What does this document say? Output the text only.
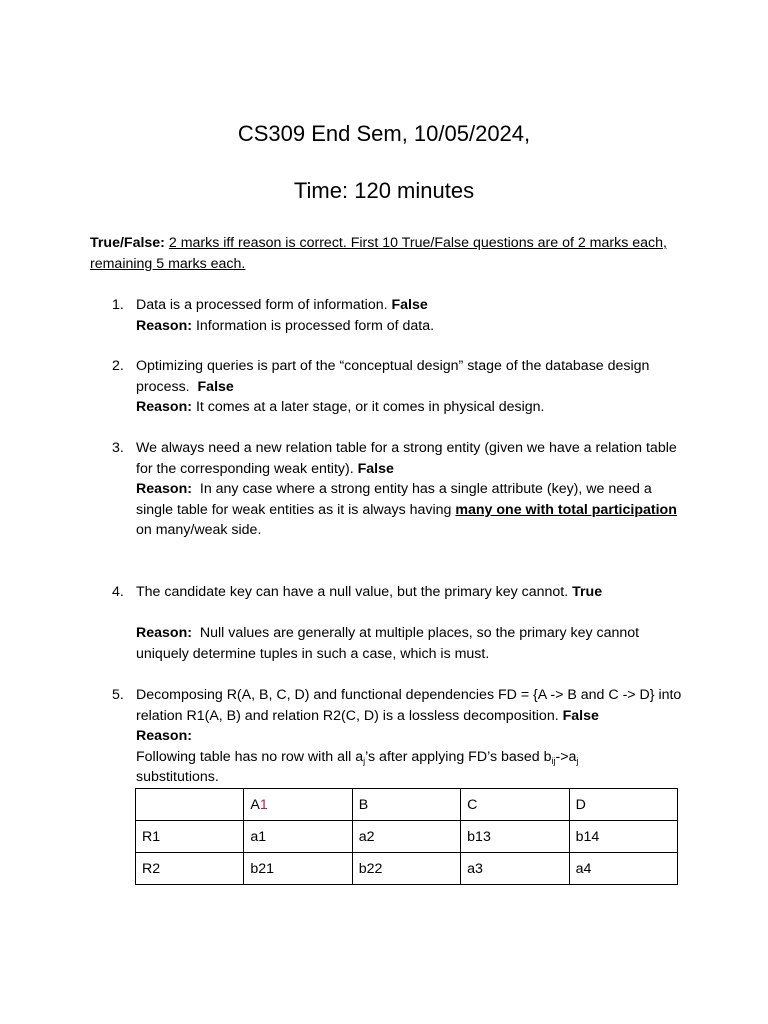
CS309 End Sem, 10/05/2024,
Time: 120 minutes
True/False: 2 marks iff reason is correct. First 10 True/False questions are of 2 marks each, remaining 5 marks each.
1. Data is a processed form of information. False
Reason: Information is processed form of data.
2. Optimizing queries is part of the “conceptual design” stage of the database design process. False
Reason: It comes at a later stage, or it comes in physical design.
3. We always need a new relation table for a strong entity (given we have a relation table for the corresponding weak entity). False
Reason: In any case where a strong entity has a single attribute (key), we need a single table for weak entities as it is always having many one with total participation on many/weak side.
4. The candidate key can have a null value, but the primary key cannot. True
Reason: Null values are generally at multiple places, so the primary key cannot uniquely determine tuples in such a case, which is must.
5. Decomposing R(A, B, C, D) and functional dependencies FD = {A -> B and C -> D} into relation R1(A, B) and relation R2(C, D) is a lossless decomposition. False
Reason:
Following table has no row with all $a_j’s$ after applying FD’s based $b_{ij}->a_j$
substitutions.
	A1	B	C	D
R1	a1	a2	b13	b14
R2	b21	b22	a3	a4
